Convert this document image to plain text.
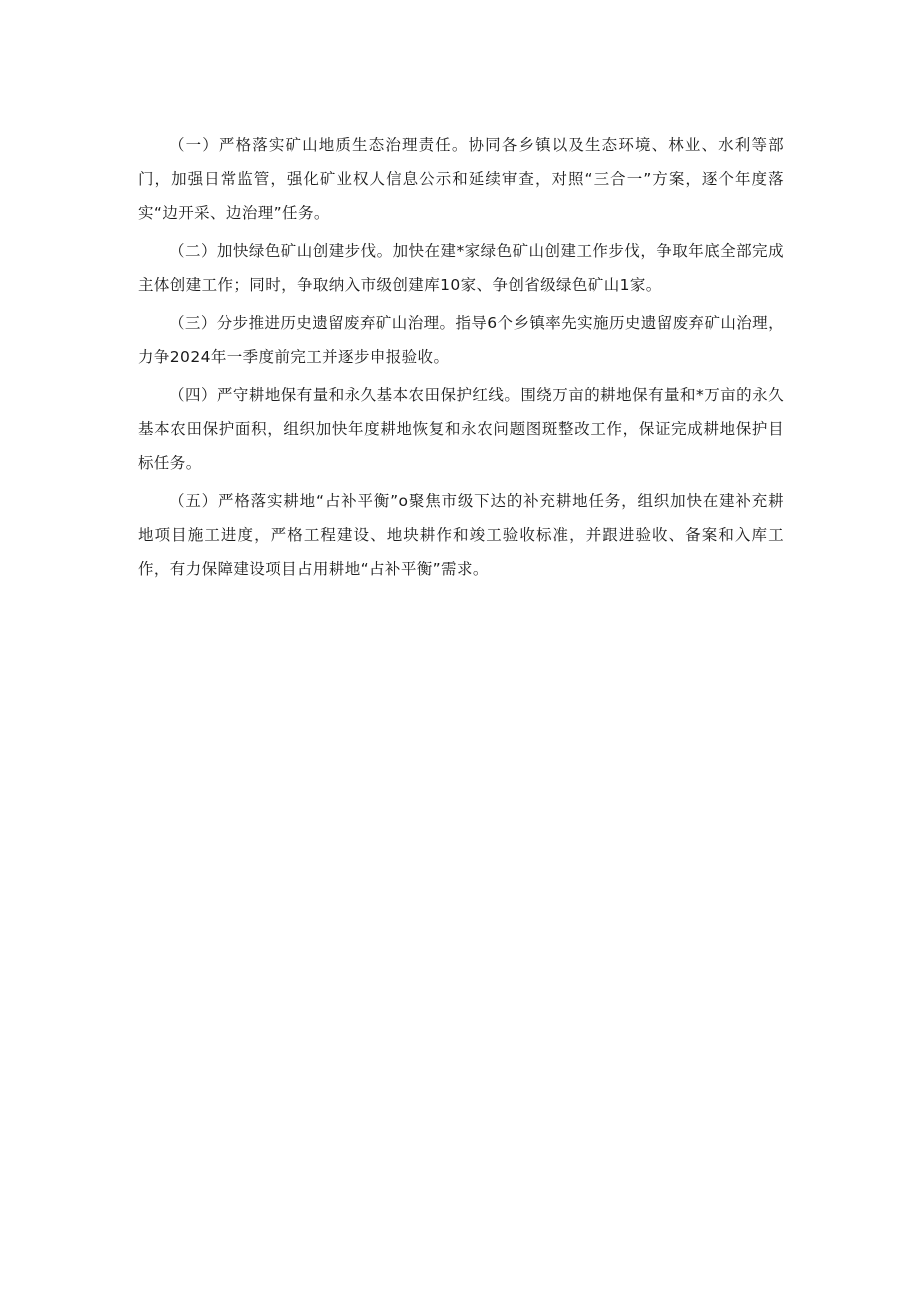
（一）严格落实矿山地质生态治理责任。协同各乡镇以及生态环境、林业、水利等部门，加强日常监管，强化矿业权人信息公示和延续审查，对照“三合一”方案，逐个年度落实“边开采、边治理”任务。

（二）加快绿色矿山创建步伐。加快在建*家绿色矿山创建工作步伐，争取年底全部完成主体创建工作；同时，争取纳入市级创建库10家、争创省级绿色矿山1家。

（三）分步推进历史遗留废弃矿山治理。指导6个乡镇率先实施历史遗留废弃矿山治理，力争2024年一季度前完工并逐步申报验收。

（四）严守耕地保有量和永久基本农田保护红线。围绕万亩的耕地保有量和*万亩的永久基本农田保护面积，组织加快年度耕地恢复和永农问题图斑整改工作，保证完成耕地保护目标任务。

（五）严格落实耕地“占补平衡”o聚焦市级下达的补充耕地任务，组织加快在建补充耕地项目施工进度，严格工程建设、地块耕作和竣工验收标准，并跟进验收、备案和入库工作，有力保障建设项目占用耕地“占补平衡”需求。
